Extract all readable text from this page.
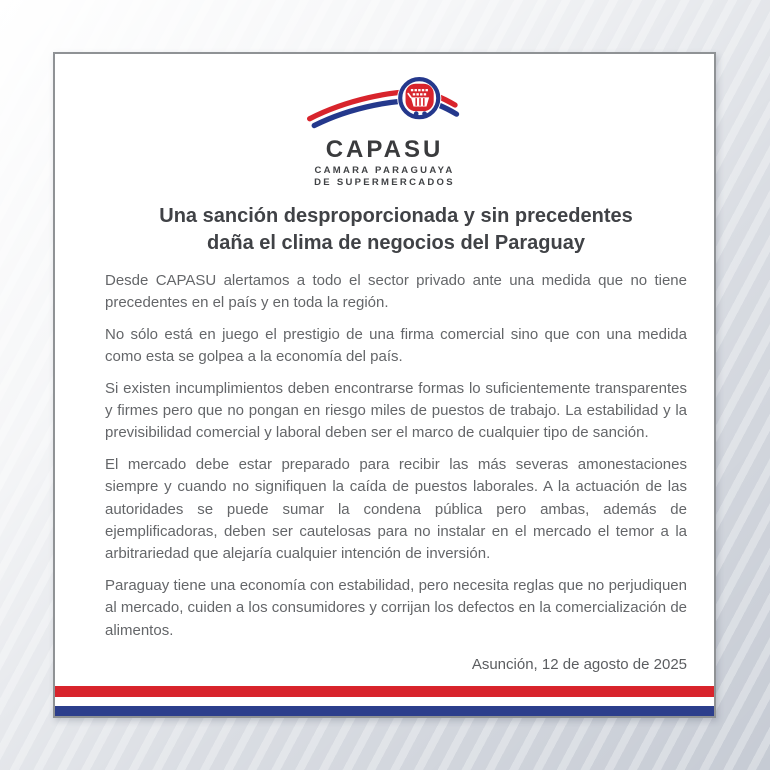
CAPASU
CAMARA PARAGUAYA
DE SUPERMERCADOS
Una sanción desproporcionada y sin precedentes
daña el clima de negocios del Paraguay

Desde CAPASU alertamos a todo el sector privado ante una medida que no tiene precedentes en el país y en toda la región.

No sólo está en juego el prestigio de una firma comercial sino que con una medida como esta se golpea a la economía del país.

Si existen incumplimientos deben encontrarse formas lo suficientemente transparentes y firmes pero que no pongan en riesgo miles de puestos de trabajo. La estabilidad y la previsibilidad comercial y laboral deben ser el marco de cualquier tipo de sanción.

El mercado debe estar preparado para recibir las más severas amonestaciones siempre y cuando no signifiquen la caída de puestos laborales. A la actuación de las autoridades se puede sumar la condena pública pero ambas, además de ejemplificadoras, deben ser cautelosas para no instalar en el mercado el temor a la arbitrariedad que alejaría cualquier intención de inversión.

Paraguay tiene una economía con estabilidad, pero necesita reglas que no perjudiquen al mercado, cuiden a los consumidores y corrijan los defectos en la comercialización de alimentos.

Asunción, 12 de agosto de 2025
